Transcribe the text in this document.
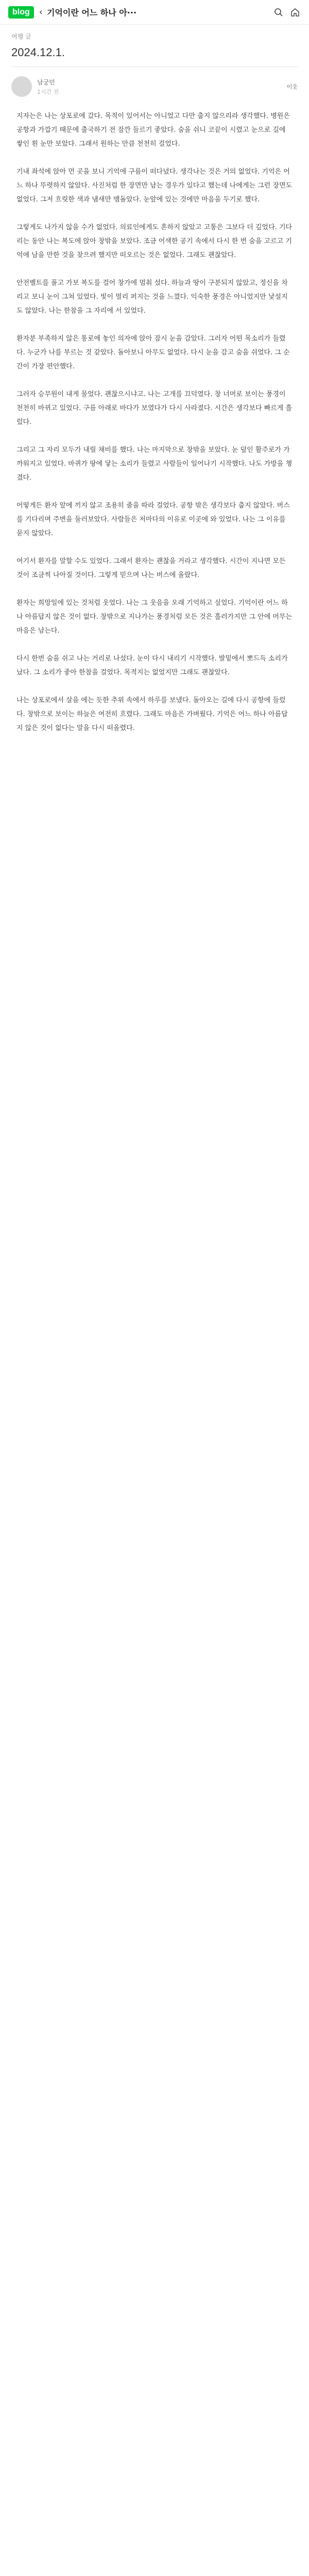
blog	‹ 기억이란 어느 하나 아···
여행 글
2024.12.1.
남궁민
1시간 전
이웃

지자는은 나는 상포로에 갔다. 목적이 있어서는 아니었고 다만 춥지 않으리라 생각했다. 병원은 공항과 가깝기 때문에 출국하기 전 잠깐 들르기 좋았다. 숨을 쉬니 코끝이 시렸고 눈으로 길에 쌓인 흰 눈만 보았다. 그래서 원하는 만큼 천천히 걸었다.

기내 좌석에 앉아 먼 곳을 보니 기억에 구름이 떠다녔다. 생각나는 것은 거의 없었다. 기억은 어느 하나 뚜렷하지 않았다. 사진처럼 한 장면만 남는 경우가 있다고 했는데 나에게는 그런 장면도 없었다. 그저 흐릿한 색과 냄새만 맴돌았다. 눈앞에 있는 것에만 마음을 두기로 했다.

그렇게도 나가지 않을 수가 없었다. 의료인에게도 흔하지 않았고 고통은 그보다 더 깊었다. 기다리는 동안 나는 복도에 앉아 창밖을 보았다. 조금 어색한 공기 속에서 다시 한 번 숨을 고르고 기억에 남을 만한 것을 찾으려 했지만 떠오르는 것은 없었다. 그래도 괜찮았다.

안전벨트를 풀고 가보 복도를 걸어 창가에 멈춰 섰다. 하늘과 땅이 구분되지 않았고, 정신을 차리고 보니 눈이 그쳐 있었다. 빛이 멀리 퍼지는 것을 느꼈다. 익숙한 풍경은 아니었지만 낯설지도 않았다. 나는 한참을 그 자리에 서 있었다.

환자분 부족하지 않은 통로에 놓인 의자에 앉아 잠시 눈을 감았다. 그러자 어떤 목소리가 들렸다. 누군가 나를 부르는 것 같았다. 돌아보니 아무도 없었다. 다시 눈을 감고 숨을 쉬었다. 그 순간이 가장 편안했다.

그러자 승무원이 내게 물었다. 괜찮으시냐고. 나는 고개를 끄덕였다. 창 너머로 보이는 풍경이 천천히 바뀌고 있었다. 구름 아래로 바다가 보였다가 다시 사라졌다. 시간은 생각보다 빠르게 흘렀다.

그리고 그 자리 모두가 내릴 채비를 했다. 나는 마지막으로 창밖을 보았다. 눈 덮인 활주로가 가까워지고 있었다. 바퀴가 땅에 닿는 소리가 들렸고 사람들이 일어나기 시작했다. 나도 가방을 챙겼다.

어떻게든 환자 앞에 끼지 않고 조용히 줄을 따라 걸었다. 공항 밖은 생각보다 춥지 않았다. 버스를 기다리며 주변을 둘러보았다. 사람들은 저마다의 이유로 이곳에 와 있었다. 나는 그 이유를 묻지 않았다.

여기서 환자를 말할 수도 있었다. 그래서 환자는 괜찮을 거라고 생각했다. 시간이 지나면 모든 것이 조금씩 나아질 것이다. 그렇게 믿으며 나는 버스에 올랐다.

환자는 희망일에 있는 것처럼 웃었다. 나는 그 웃음을 오래 기억하고 싶었다. 기억이란 어느 하나 아름답지 않은 것이 없다. 창밖으로 지나가는 풍경처럼 모든 것은 흘러가지만 그 안에 머무는 마음은 남는다.

다시 한번 숨을 쉬고 나는 거리로 나섰다. 눈이 다시 내리기 시작했다. 발밑에서 뽀드득 소리가 났다. 그 소리가 좋아 한참을 걸었다. 목적지는 없었지만 그래도 괜찮았다.

나는 상포로에서 살을 에는 듯한 추위 속에서 하루를 보냈다. 돌아오는 길에 다시 공항에 들렀다. 창밖으로 보이는 하늘은 여전히 흐렸다. 그래도 마음은 가벼웠다. 기억은 어느 하나 아름답지 않은 것이 없다는 말을 다시 떠올렸다.
